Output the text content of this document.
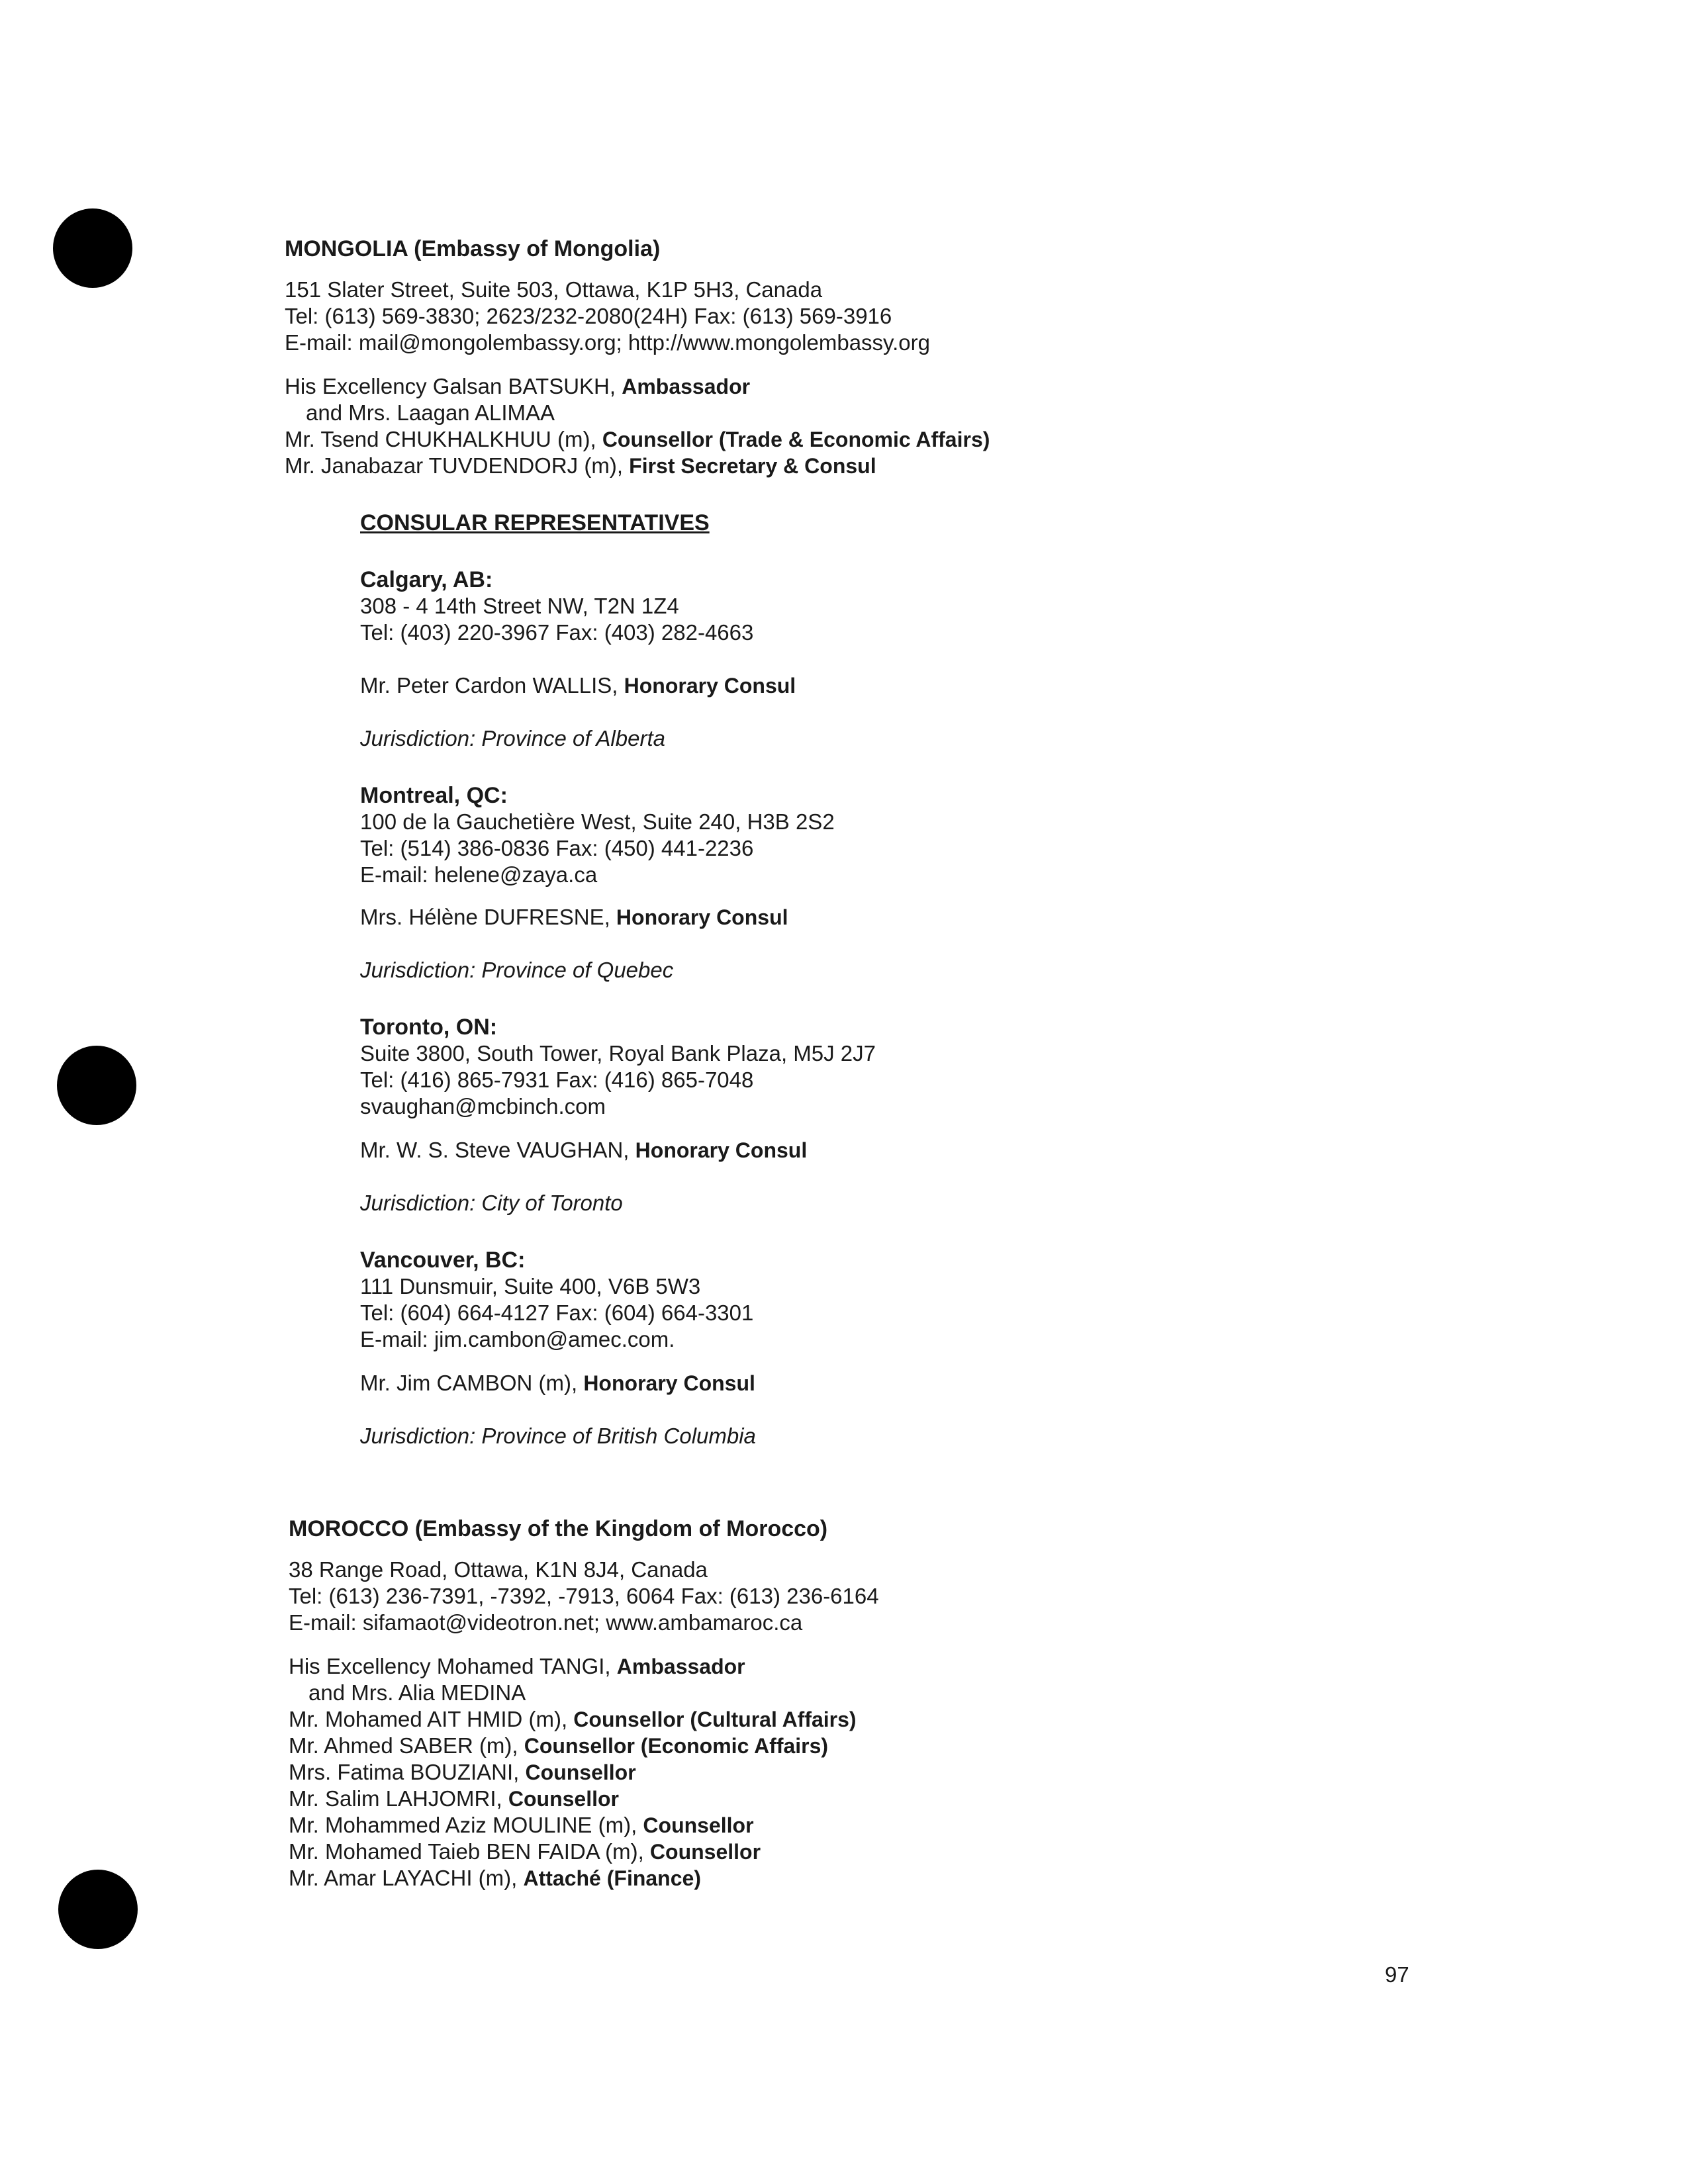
MONGOLIA (Embassy of Mongolia)
151 Slater Street, Suite 503, Ottawa, K1P 5H3, Canada
Tel: (613) 569-3830; 2623/232-2080(24H) Fax: (613) 569-3916
E-mail: mail@mongolembassy.org; http://www.mongolembassy.org
His Excellency Galsan BATSUKH, Ambassador
and Mrs. Laagan ALIMAA
Mr. Tsend CHUKHALKHUU (m), Counsellor (Trade & Economic Affairs)
Mr. Janabazar TUVDENDORJ (m), First Secretary & Consul
CONSULAR REPRESENTATIVES
Calgary, AB:
308 - 4 14th Street NW, T2N 1Z4
Tel: (403) 220-3967 Fax: (403) 282-4663
Mr. Peter Cardon WALLIS, Honorary Consul
Jurisdiction: Province of Alberta
Montreal, QC:
100 de la Gauchetière West, Suite 240, H3B 2S2
Tel: (514) 386-0836 Fax: (450) 441-2236
E-mail: helene@zaya.ca
Mrs. Hélène DUFRESNE, Honorary Consul
Jurisdiction: Province of Quebec
Toronto, ON:
Suite 3800, South Tower, Royal Bank Plaza, M5J 2J7
Tel: (416) 865-7931 Fax: (416) 865-7048
svaughan@mcbinch.com
Mr. W. S. Steve VAUGHAN, Honorary Consul
Jurisdiction: City of Toronto
Vancouver, BC:
111 Dunsmuir, Suite 400, V6B 5W3
Tel: (604) 664-4127 Fax: (604) 664-3301
E-mail: jim.cambon@amec.com.
Mr. Jim CAMBON (m), Honorary Consul
Jurisdiction: Province of British Columbia
MOROCCO (Embassy of the Kingdom of Morocco)
38 Range Road, Ottawa, K1N 8J4, Canada
Tel: (613) 236-7391, -7392, -7913, 6064 Fax: (613) 236-6164
E-mail: sifamaot@videotron.net; www.ambamaroc.ca
His Excellency Mohamed TANGI, Ambassador
and Mrs. Alia MEDINA
Mr. Mohamed AIT HMID (m), Counsellor (Cultural Affairs)
Mr. Ahmed SABER (m), Counsellor (Economic Affairs)
Mrs. Fatima BOUZIANI, Counsellor
Mr. Salim LAHJOMRI, Counsellor
Mr. Mohammed Aziz MOULINE (m), Counsellor
Mr. Mohamed Taieb BEN FAIDA (m), Counsellor
Mr. Amar LAYACHI (m), Attaché (Finance)
97
